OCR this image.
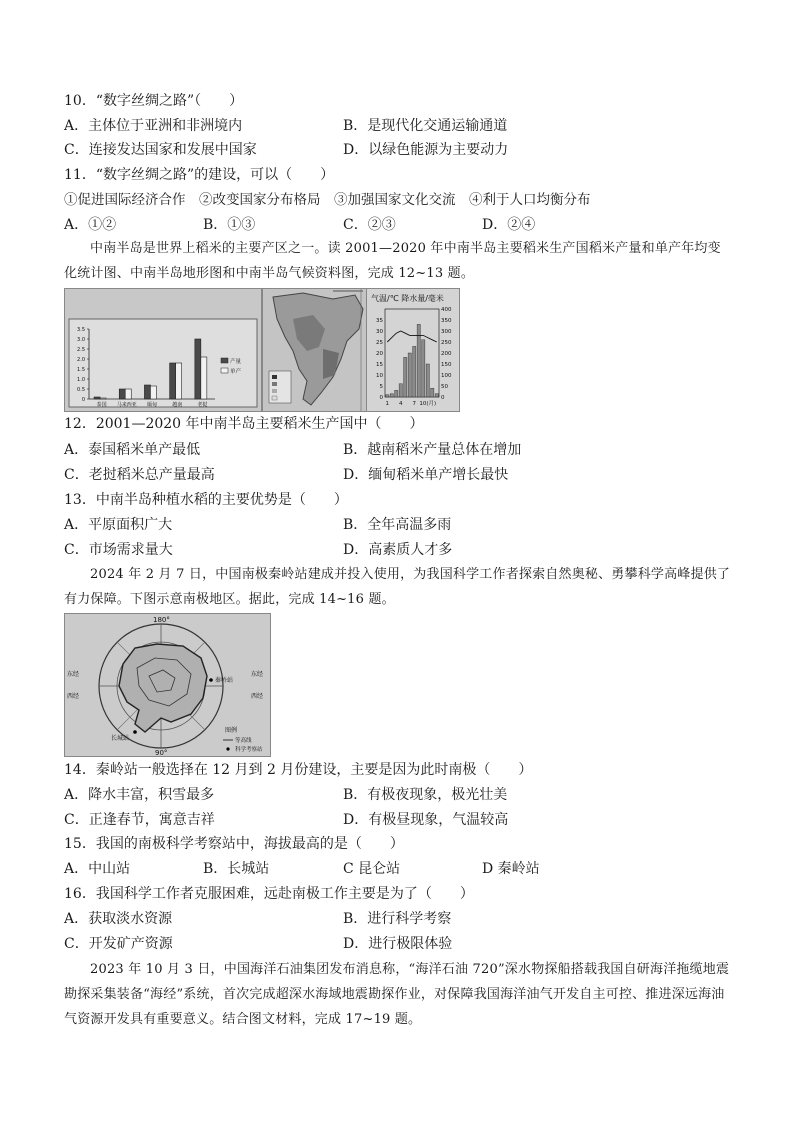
10．“数字丝绸之路”（　　）
A．主体位于亚洲和非洲境内	B．是现代化交通运输通道
C．连接发达国家和发展中国家	D．以绿色能源为主要动力
11．“数字丝绸之路”的建设，可以（　　）
①促进国际经济合作　②改变国家分布格局　③加强国家文化交流　④利于人口均衡分布
A．①②	B．①③	C．②③	D．②④
中南半岛是世界上稻米的主要产区之一。读 2001—2020 年中南半岛主要稻米生产国稻米产量和单产年均变化统计图、中南半岛地形图和中南半岛气候资料图，完成 12~13 题。
0
0.5
1.0
1.5
2.0
2.5
3.0
3.5
泰国 马来西亚 缅甸	越南	老挝
产量
单产
气温/℃ 降水量/毫米
0
5
10
15
20
25
30
35
0
50
100
150
200
250
300
350
400
1 4 7 10(月)
12．2001—2020 年中南半岛主要稻米生产国中（　　）
A．泰国稻米单产最低	B．越南稻米产量总体在增加
C．老挝稻米总产量最高	D．缅甸稻米单产增长最快
13．中南半岛种植水稻的主要优势是（　　）
A．平原面积广大	B．全年高温多雨
C．市场需求量大	D．高素质人才多
2024 年 2 月 7 日，中国南极秦岭站建成并投入使用，为我国科学工作者探索自然奥秘、勇攀科学高峰提供了有力保障。下图示意南极地区。据此，完成 14~16 题。
180°
90°
东经
西经
东经
西经
秦岭站
长城站
图例
等高线
科学考察站
14．秦岭站一般选择在 12 月到 2 月份建设，主要是因为此时南极（　　）
A．降水丰富，积雪最多	B．有极夜现象，极光壮美
C．正逢春节，寓意吉祥	D．有极昼现象，气温较高
15．我国的南极科学考察站中，海拔最高的是（　　）
A．中山站	B．长城站	C 昆仑站	D 秦岭站
16．我国科学工作者克服困难，远赴南极工作主要是为了（　　）
A．获取淡水资源	B．进行科学考察
C．开发矿产资源	D．进行极限体验
2023 年 10 月 3 日，中国海洋石油集团发布消息称，“海洋石油 720”深水物探船搭载我国自研海洋拖缆地震勘探采集装备“海经”系统，首次完成超深水海域地震勘探作业，对保障我国海洋油气开发自主可控、推进深远海油气资源开发具有重要意义。结合图文材料，完成 17~19 题。
